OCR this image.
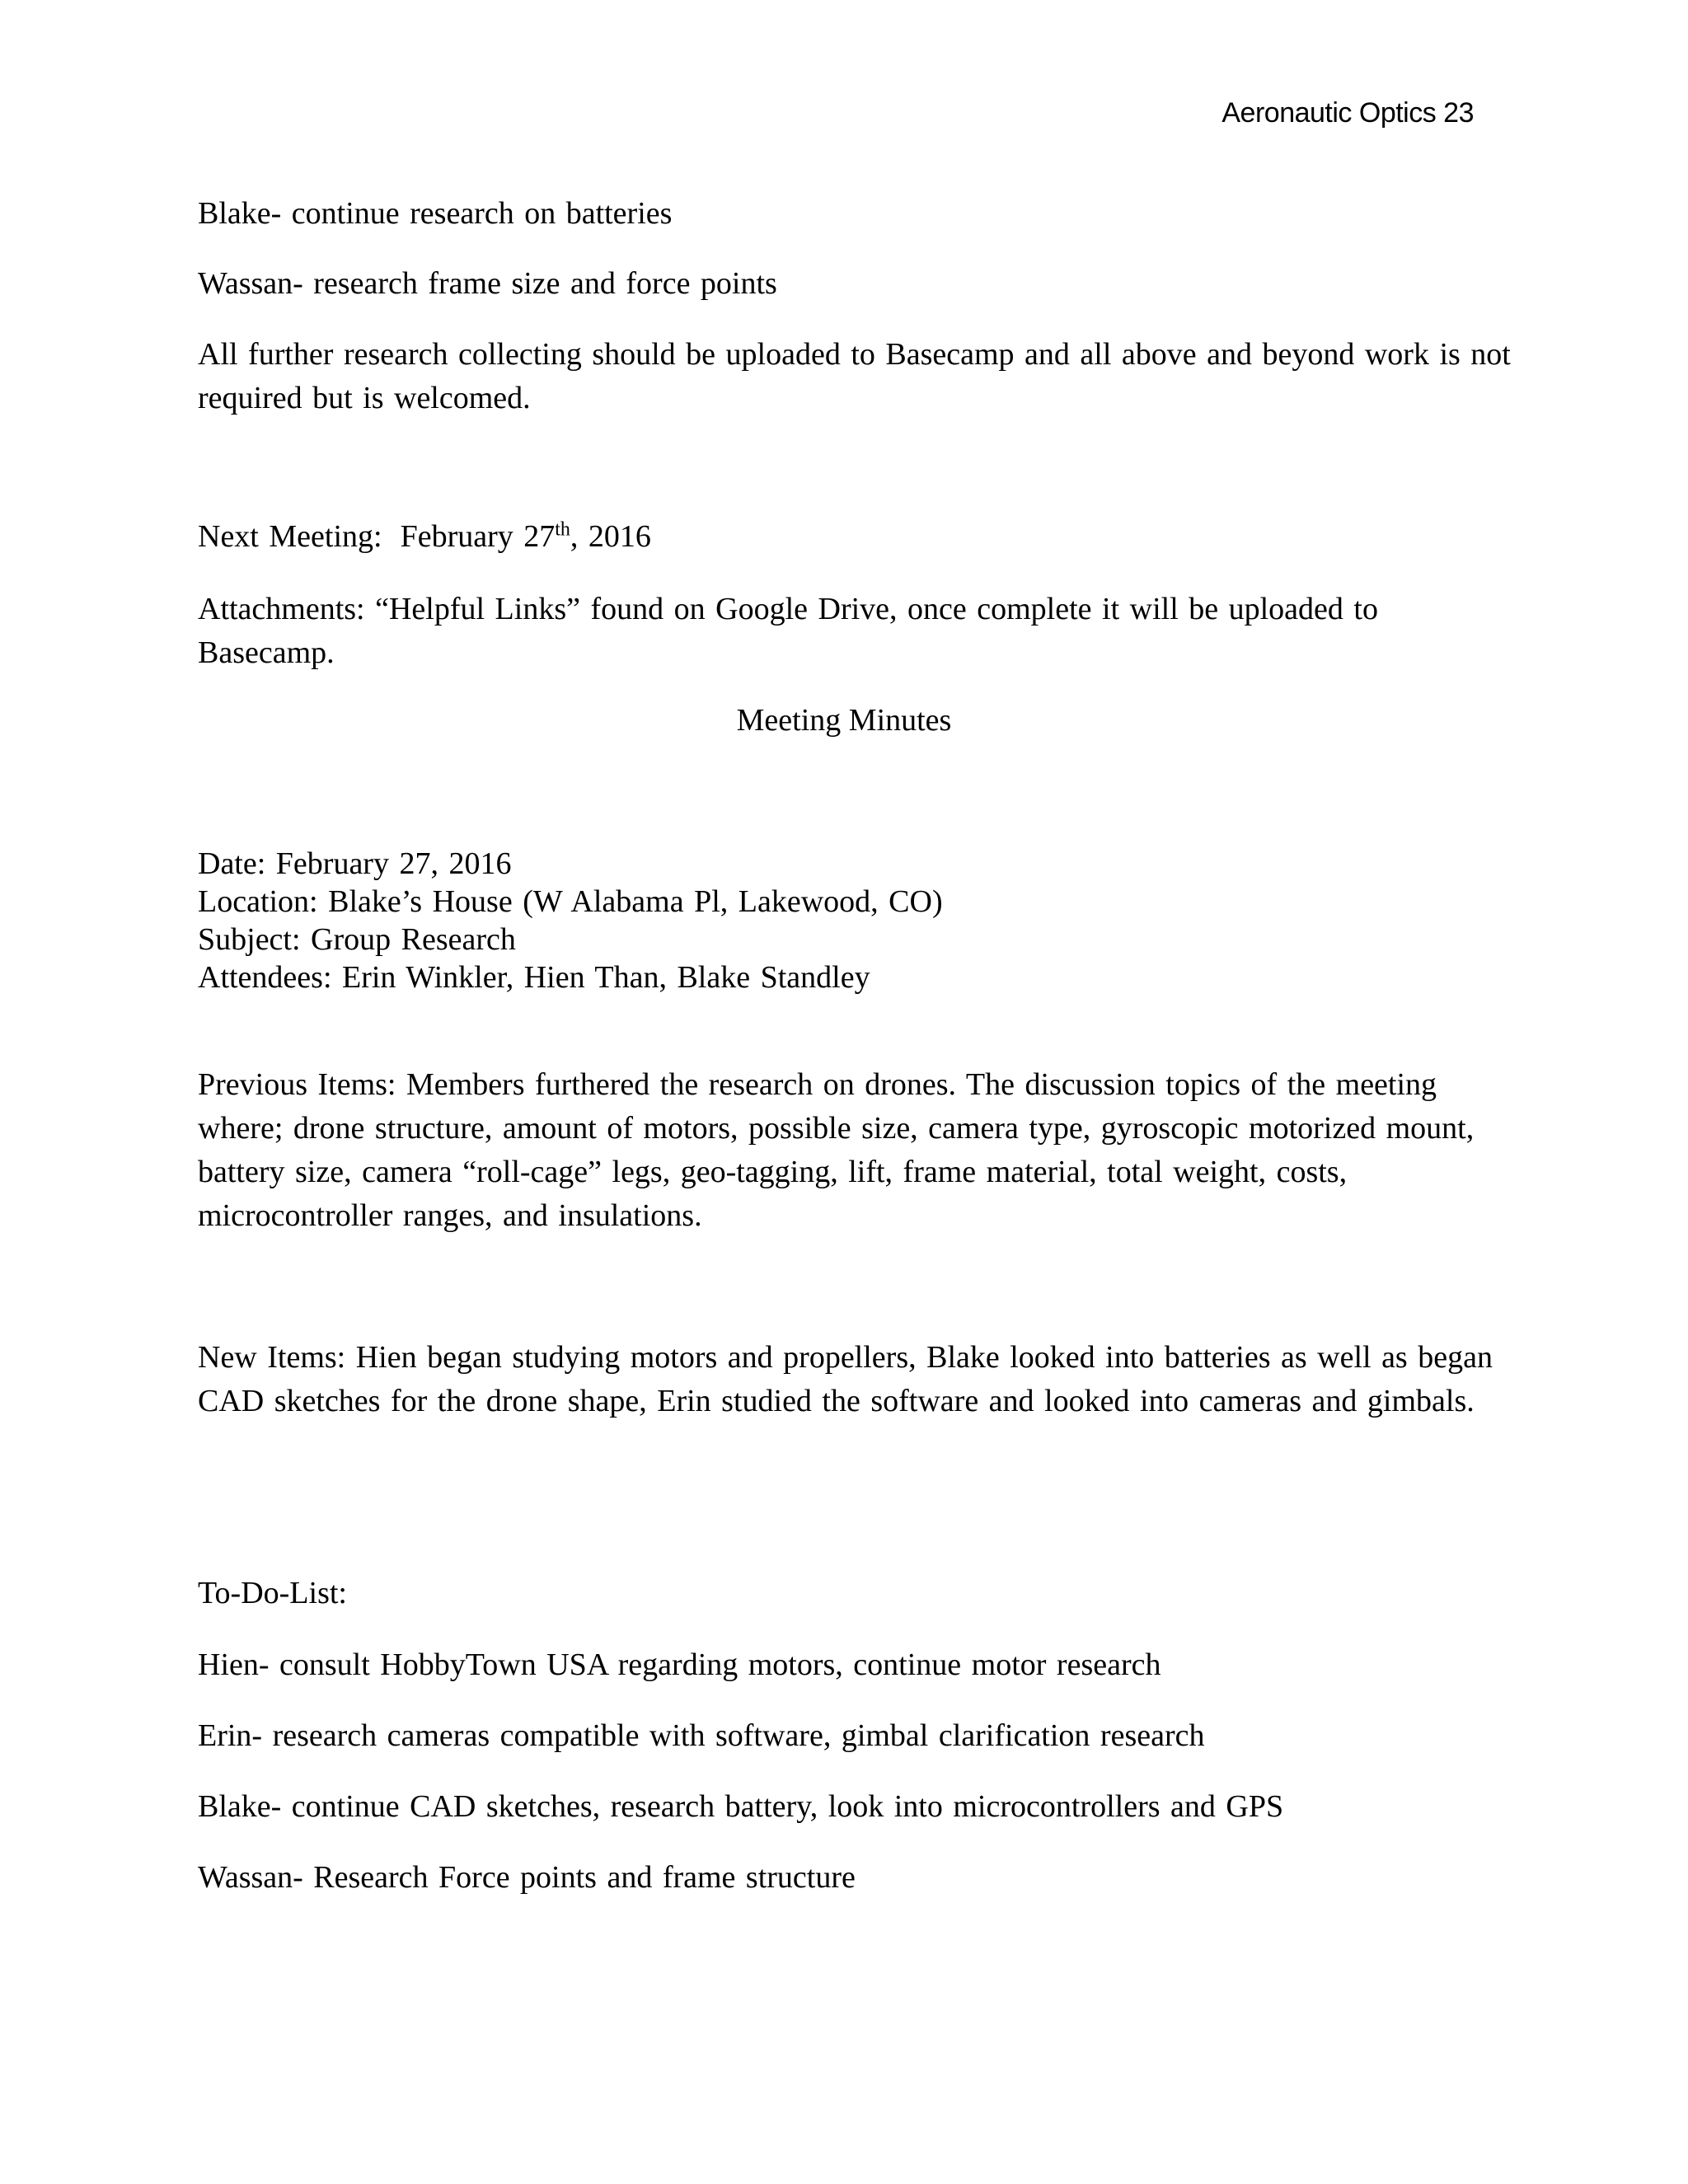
Aeronautic Optics 23

Blake- continue research on batteries

Wassan- research frame size and force points

All further research collecting should be uploaded to Basecamp and all above and beyond work is not required but is welcomed.

Next Meeting: February 27th, 2016

Attachments: “Helpful Links” found on Google Drive, once complete it will be uploaded to Basecamp.

Meeting Minutes

Date: February 27, 2016
Location: Blake’s House (W Alabama Pl, Lakewood, CO)
Subject: Group Research
Attendees: Erin Winkler, Hien Than, Blake Standley

Previous Items: Members furthered the research on drones. The discussion topics of the meeting where; drone structure, amount of motors, possible size, camera type, gyroscopic motorized mount, battery size, camera “roll-cage” legs, geo-tagging, lift, frame material, total weight, costs, microcontroller ranges, and insulations.

New Items: Hien began studying motors and propellers, Blake looked into batteries as well as began CAD sketches for the drone shape, Erin studied the software and looked into cameras and gimbals.

To-Do-List:

Hien- consult HobbyTown USA regarding motors, continue motor research

Erin- research cameras compatible with software, gimbal clarification research

Blake- continue CAD sketches, research battery, look into microcontrollers and GPS

Wassan- Research Force points and frame structure
